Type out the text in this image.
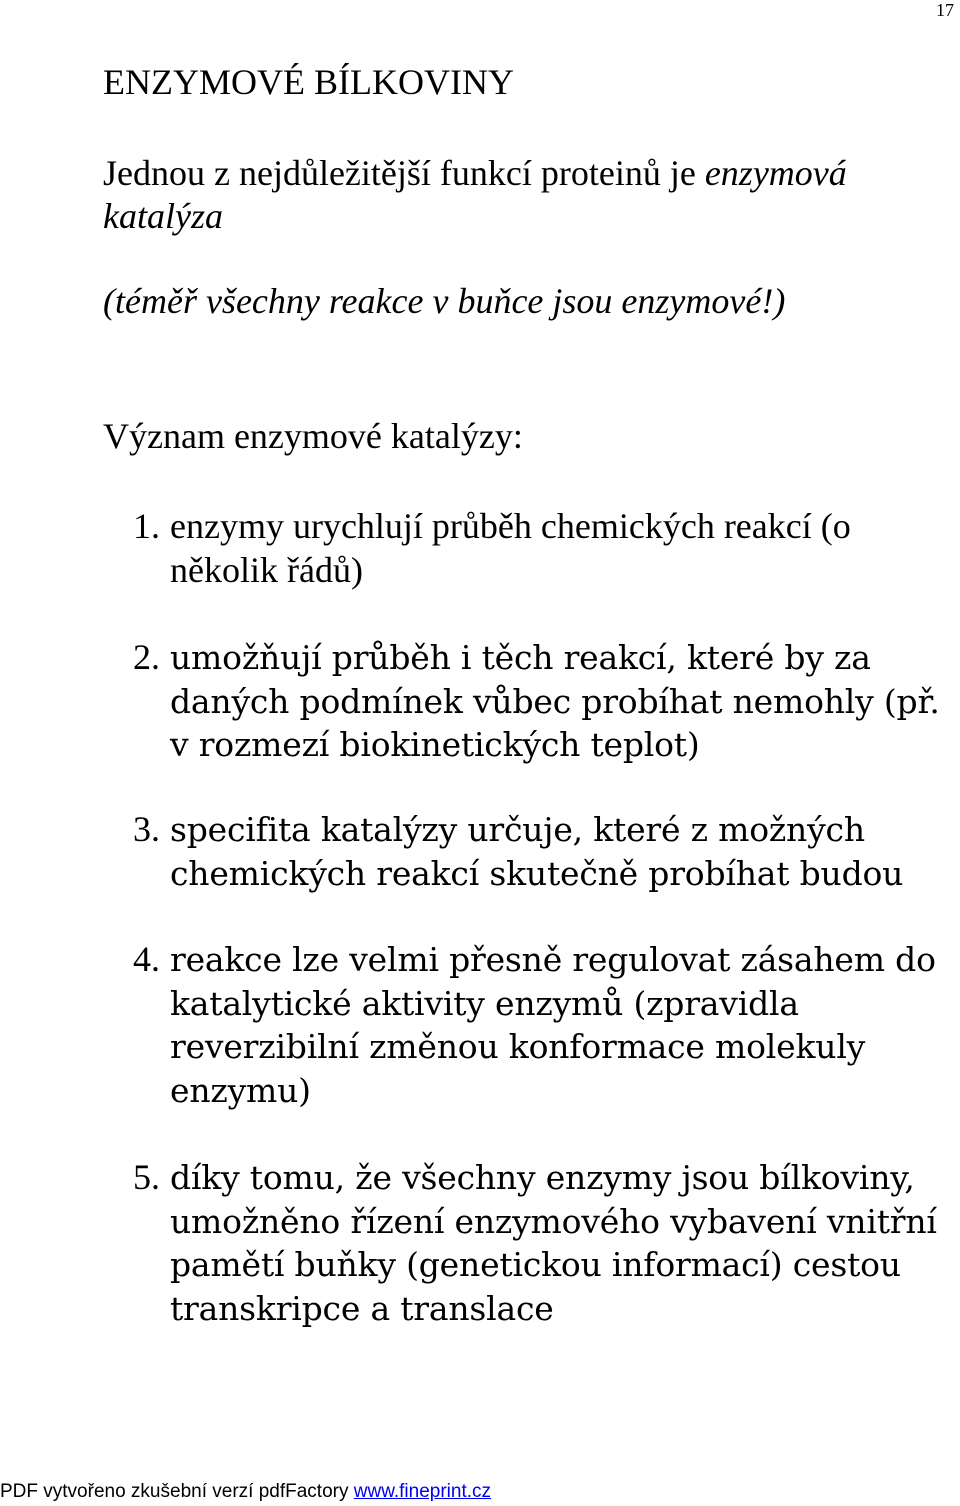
17
ENZYMOVÉ BÍLKOVINY
Jednou z nejdůležitější funkcí proteinů je enzymová katalýza
(téměř všechny reakce v buňce jsou enzymové!)
Význam enzymové katalýzy:
1. enzymy urychlují průběh chemických reakcí (o několik řádů)
2. umožňují průběh i těch reakcí, které by za daných podmínek vůbec probíhat nemohly (př. v rozmezí biokinetických teplot)
3. specifita katalýzy určuje, které z možných chemických reakcí skutečně probíhat budou
4. reakce lze velmi přesně regulovat zásahem do katalytické aktivity enzymů (zpravidla reverzibilní změnou konformace molekuly enzymu)
5. díky tomu, že všechny enzymy jsou bílkoviny, umožněno řízení enzymového vybavení vnitřní pamětí buňky (genetickou informací) cestou transkripce a translace
PDF vytvořeno zkušební verzí pdfFactory www.fineprint.cz
